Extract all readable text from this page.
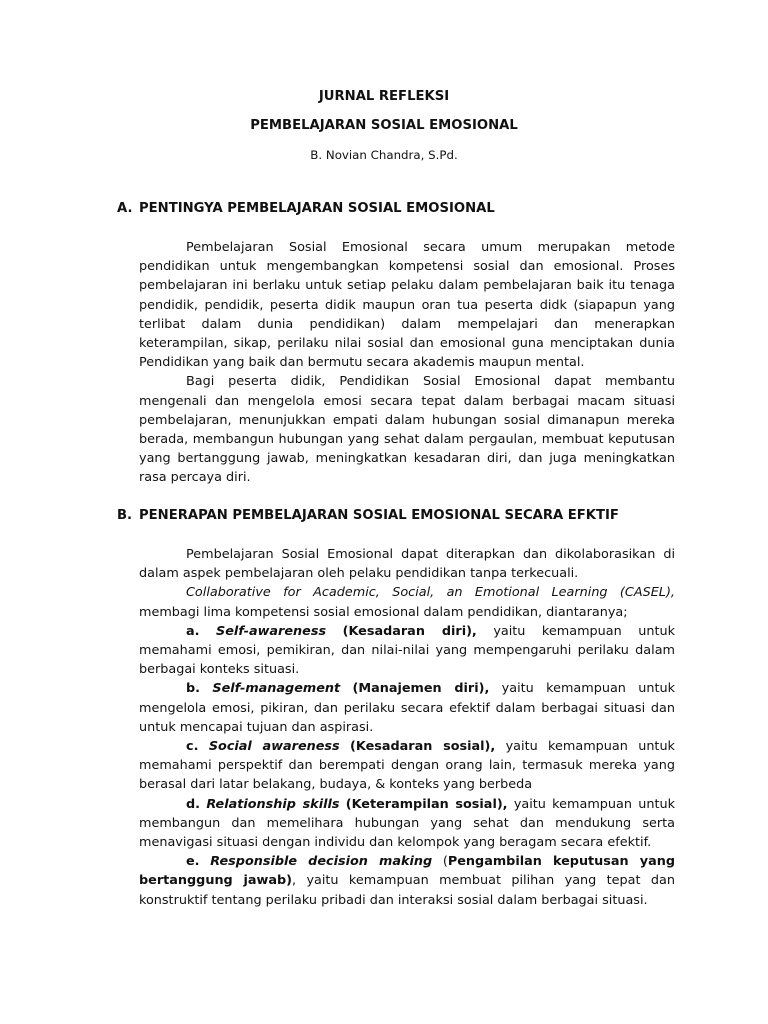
JURNAL REFLEKSI
PEMBELAJARAN SOSIAL EMOSIONAL
B. Novian Chandra, S.Pd.
A. PENTINGYA PEMBELAJARAN SOSIAL EMOSIONAL

Pembelajaran Sosial Emosional secara umum merupakan metode pendidikan untuk mengembangkan kompetensi sosial dan emosional. Proses pembelajaran ini berlaku untuk setiap pelaku dalam pembelajaran baik itu tenaga pendidik, pendidik, peserta didik maupun oran tua peserta didk (siapapun yang terlibat dalam dunia pendidikan) dalam mempelajari dan menerapkan keterampilan, sikap, perilaku nilai sosial dan emosional guna menciptakan dunia Pendidikan yang baik dan bermutu secara akademis maupun mental.

Bagi peserta didik, Pendidikan Sosial Emosional dapat membantu mengenali dan mengelola emosi secara tepat dalam berbagai macam situasi pembelajaran, menunjukkan empati dalam hubungan sosial dimanapun mereka berada, membangun hubungan yang sehat dalam pergaulan, membuat keputusan yang bertanggung jawab, meningkatkan kesadaran diri, dan juga meningkatkan rasa percaya diri.

B. PENERAPAN PEMBELAJARAN SOSIAL EMOSIONAL SECARA EFKTIF

Pembelajaran Sosial Emosional dapat diterapkan dan dikolaborasikan di dalam aspek pembelajaran oleh pelaku pendidikan tanpa terkecuali.

Collaborative for Academic, Social, an Emotional Learning (CASEL), membagi lima kompetensi sosial emosional dalam pendidikan, diantaranya;

a. Self-awareness (Kesadaran diri), yaitu kemampuan untuk memahami emosi, pemikiran, dan nilai-nilai yang mempengaruhi perilaku dalam berbagai konteks situasi.

b. Self-management (Manajemen diri), yaitu kemampuan untuk mengelola emosi, pikiran, dan perilaku secara efektif dalam berbagai situasi dan untuk mencapai tujuan dan aspirasi.

c. Social awareness (Kesadaran sosial), yaitu kemampuan untuk memahami perspektif dan berempati dengan orang lain, termasuk mereka yang berasal dari latar belakang, budaya, & konteks yang berbeda

d. Relationship skills (Keterampilan sosial), yaitu kemampuan untuk membangun dan memelihara hubungan yang sehat dan mendukung serta menavigasi situasi dengan individu dan kelompok yang beragam secara efektif.

e. Responsible decision making (Pengambilan keputusan yang bertanggung jawab), yaitu kemampuan membuat pilihan yang tepat dan konstruktif tentang perilaku pribadi dan interaksi sosial dalam berbagai situasi.
